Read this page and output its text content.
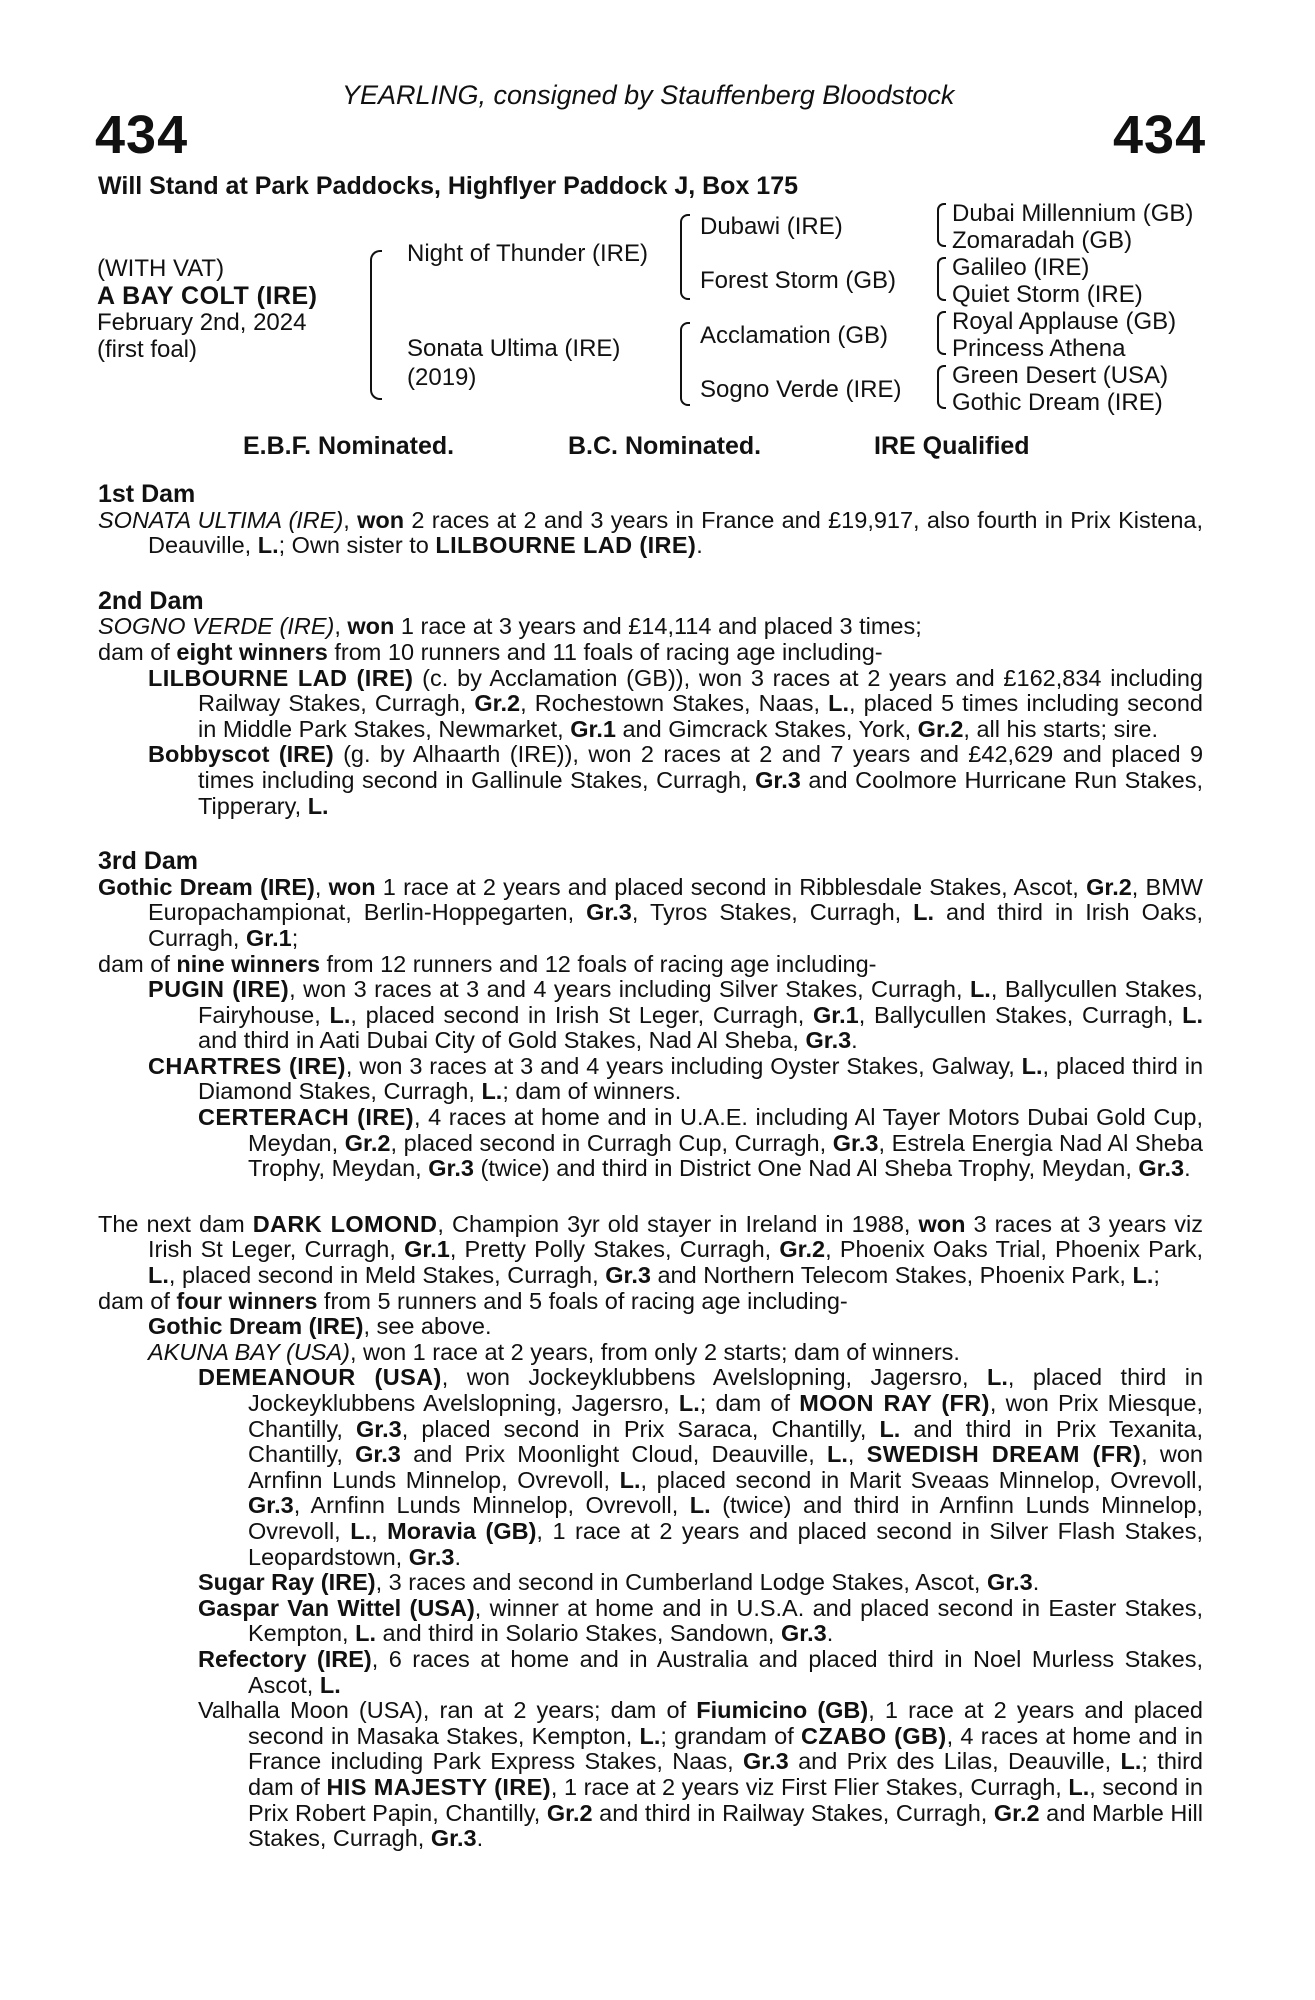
YEARLING, consigned by Stauffenberg Bloodstock
434	434
Will Stand at Park Paddocks, Highflyer Paddock J, Box 175
(WITH VAT)
A BAY COLT (IRE)
February 2nd, 2024
(first foal)
Night of Thunder (IRE)
Sonata Ultima (IRE)
(2019)
Dubawi (IRE)
Forest Storm (GB)
Acclamation (GB)
Sogno Verde (IRE)
Dubai Millennium (GB)
Zomaradah (GB)
Galileo (IRE)
Quiet Storm (IRE)
Royal Applause (GB)
Princess Athena
Green Desert (USA)
Gothic Dream (IRE)
E.B.F. Nominated.	B.C. Nominated.	IRE Qualified
1st Dam

SONATA ULTIMA (IRE), won 2 races at 2 and 3 years in France and £19,917, also fourth in Prix Kistena, Deauville, L.; Own sister to LILBOURNE LAD (IRE).

2nd Dam

SOGNO VERDE (IRE), won 1 race at 3 years and £14,114 and placed 3 times;

dam of eight winners from 10 runners and 11 foals of racing age including-

LILBOURNE LAD (IRE) (c. by Acclamation (GB)), won 3 races at 2 years and £162,834 including Railway Stakes, Curragh, Gr.2, Rochestown Stakes, Naas, L., placed 5 times including second in Middle Park Stakes, Newmarket, Gr.1 and Gimcrack Stakes, York, Gr.2, all his starts; sire.

Bobbyscot (IRE) (g. by Alhaarth (IRE)), won 2 races at 2 and 7 years and £42,629 and placed 9 times including second in Gallinule Stakes, Curragh, Gr.3 and Coolmore Hurricane Run Stakes, Tipperary, L.

3rd Dam

Gothic Dream (IRE), won 1 race at 2 years and placed second in Ribblesdale Stakes, Ascot, Gr.2, BMW Europachampionat, Berlin-Hoppegarten, Gr.3, Tyros Stakes, Curragh, L. and third in Irish Oaks, Curragh, Gr.1;

dam of nine winners from 12 runners and 12 foals of racing age including-

PUGIN (IRE), won 3 races at 3 and 4 years including Silver Stakes, Curragh, L., Ballycullen Stakes, Fairyhouse, L., placed second in Irish St Leger, Curragh, Gr.1, Ballycullen Stakes, Curragh, L. and third in Aati Dubai City of Gold Stakes, Nad Al Sheba, Gr.3.

CHARTRES (IRE), won 3 races at 3 and 4 years including Oyster Stakes, Galway, L., placed third in Diamond Stakes, Curragh, L.; dam of winners.

CERTERACH (IRE), 4 races at home and in U.A.E. including Al Tayer Motors Dubai Gold Cup, Meydan, Gr.2, placed second in Curragh Cup, Curragh, Gr.3, Estrela Energia Nad Al Sheba Trophy, Meydan, Gr.3 (twice) and third in District One Nad Al Sheba Trophy, Meydan, Gr.3.

The next dam DARK LOMOND, Champion 3yr old stayer in Ireland in 1988, won 3 races at 3 years viz Irish St Leger, Curragh, Gr.1, Pretty Polly Stakes, Curragh, Gr.2, Phoenix Oaks Trial, Phoenix Park, L., placed second in Meld Stakes, Curragh, Gr.3 and Northern Telecom Stakes, Phoenix Park, L.;

dam of four winners from 5 runners and 5 foals of racing age including-

Gothic Dream (IRE), see above.

AKUNA BAY (USA), won 1 race at 2 years, from only 2 starts; dam of winners.

DEMEANOUR (USA), won Jockeyklubbens Avelslopning, Jagersro, L., placed third in Jockeyklubbens Avelslopning, Jagersro, L.; dam of MOON RAY (FR), won Prix Miesque, Chantilly, Gr.3, placed second in Prix Saraca, Chantilly, L. and third in Prix Texanita, Chantilly, Gr.3 and Prix Moonlight Cloud, Deauville, L., SWEDISH DREAM (FR), won Arnfinn Lunds Minnelop, Ovrevoll, L., placed second in Marit Sveaas Minnelop, Ovrevoll, Gr.3, Arnfinn Lunds Minnelop, Ovrevoll, L. (twice) and third in Arnfinn Lunds Minnelop, Ovrevoll, L., Moravia (GB), 1 race at 2 years and placed second in Silver Flash Stakes, Leopardstown, Gr.3.

Sugar Ray (IRE), 3 races and second in Cumberland Lodge Stakes, Ascot, Gr.3.

Gaspar Van Wittel (USA), winner at home and in U.S.A. and placed second in Easter Stakes, Kempton, L. and third in Solario Stakes, Sandown, Gr.3.

Refectory (IRE), 6 races at home and in Australia and placed third in Noel Murless Stakes, Ascot, L.

Valhalla Moon (USA), ran at 2 years; dam of Fiumicino (GB), 1 race at 2 years and placed second in Masaka Stakes, Kempton, L.; grandam of CZABO (GB), 4 races at home and in France including Park Express Stakes, Naas, Gr.3 and Prix des Lilas, Deauville, L.; third dam of HIS MAJESTY (IRE), 1 race at 2 years viz First Flier Stakes, Curragh, L., second in Prix Robert Papin, Chantilly, Gr.2 and third in Railway Stakes, Curragh, Gr.2 and Marble Hill Stakes, Curragh, Gr.3.
